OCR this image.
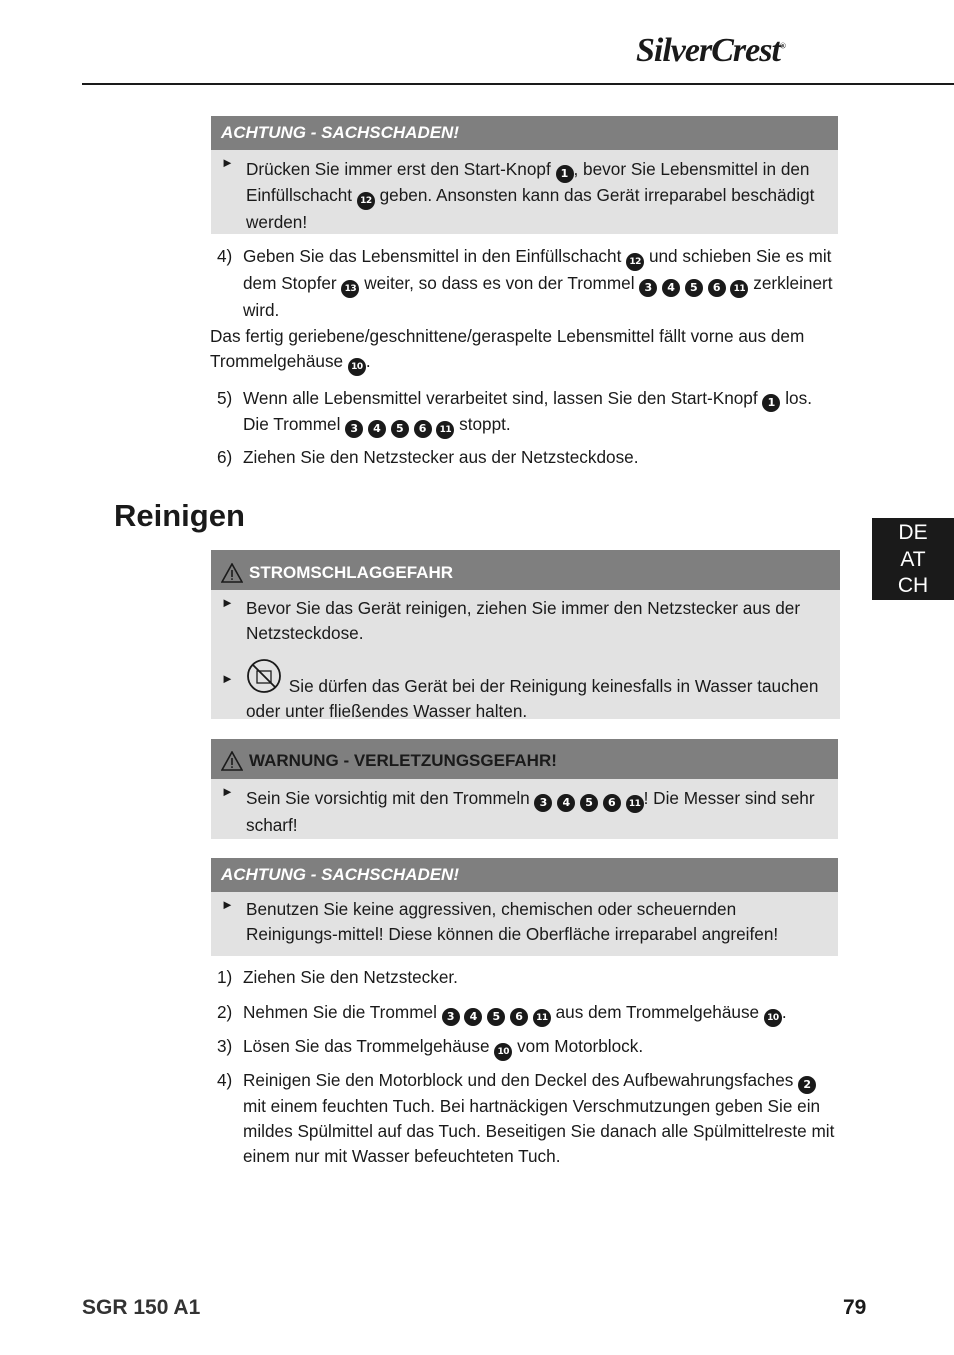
SilverCrest®
ACHTUNG - SACHSCHADEN!
► Drücken Sie immer erst den Start-Knopf 1 , bevor Sie Lebensmittel in den Einfüllschacht 12 geben. Ansonsten kann das Gerät irreparabel beschädigt werden!
4) Geben Sie das Lebensmittel in den Einfüllschacht 12 und schieben Sie es mit dem Stopfer 13 weiter, so dass es von der Trommel 3 4 5 6 11 zerkleinert wird.
Das fertig geriebene/geschnittene/geraspelte Lebensmittel fällt vorne aus dem Trommelgehäuse 10 .
5) Wenn alle Lebensmittel verarbeitet sind, lassen Sie den Start-Knopf 1 los. Die Trommel 3 4 5 6 11 stoppt.
6) Ziehen Sie den Netzstecker aus der Netzsteckdose.
Reinigen	DE
AT
CH
STROMSCHLAGGEFAHR
► Bevor Sie das Gerät reinigen, ziehen Sie immer den Netzstecker aus der Netzsteckdose.
►	Sie dürfen das Gerät bei der Reinigung keinesfalls in Wasser tauchen oder unter fließendes Wasser halten.
WARNUNG - VERLETZUNGSGEFAHR!
► Sein Sie vorsichtig mit den Trommeln 3 4 5 6 11 ! Die Messer sind sehr scharf!
ACHTUNG - SACHSCHADEN!
► Benutzen Sie keine aggressiven, chemischen oder scheuernden Reinigungs-mittel! Diese können die Oberfläche irreparabel angreifen!
1) Ziehen Sie den Netzstecker.
2) Nehmen Sie die Trommel 3 4 5 6 11 aus dem Trommelgehäuse 10 .
3) Lösen Sie das Trommelgehäuse 10 vom Motorblock.
4) Reinigen Sie den Motorblock und den Deckel des Aufbewahrungsfaches 2 mit einem feuchten Tuch. Bei hartnäckigen Verschmutzungen geben Sie ein mildes Spülmittel auf das Tuch. Beseitigen Sie danach alle Spülmittelreste mit einem nur mit Wasser befeuchteten Tuch.
SGR 150 A1	79
